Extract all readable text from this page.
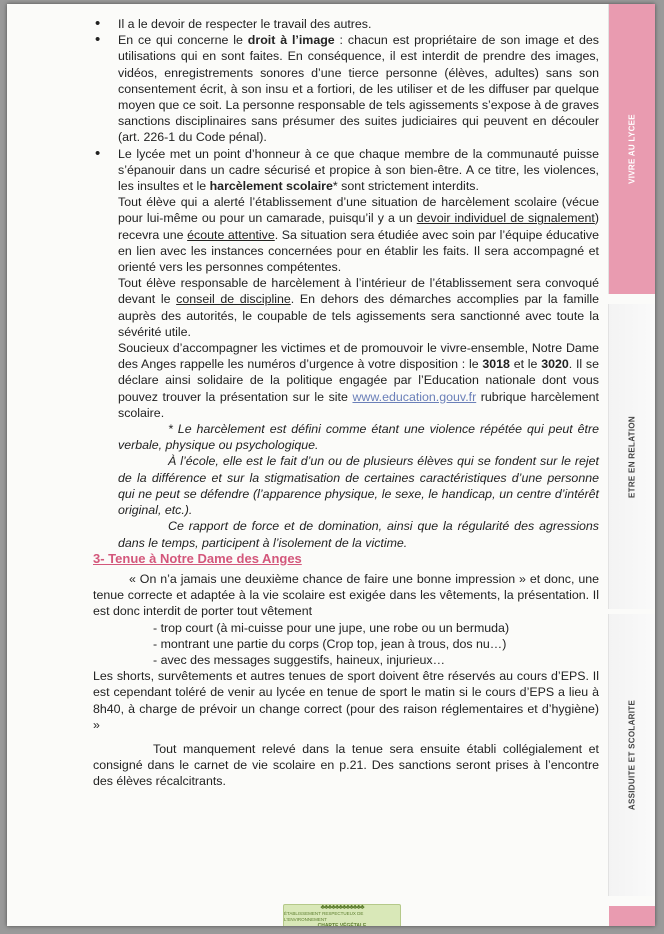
VIVRE AU LYCEE
ETRE EN RELATION
ASSIDUITE ET SCOLARITE

• Il a le devoir de respecter le travail des autres.

• En ce qui concerne le droit à l’image : chacun est propriétaire de son image et des utilisations qui en sont faites. En conséquence, il est interdit de prendre des images, vidéos, enregistrements sonores d’une tierce personne (élèves, adultes) sans son consentement écrit, à son insu et a fortiori, de les utiliser et de les diffuser par quelque moyen que ce soit. La personne responsable de tels agissements s’expose à de graves sanctions disciplinaires sans présumer des suites judiciaires qui peuvent en découler (art. 226-1 du Code pénal).

• Le lycée met un point d’honneur à ce que chaque membre de la communauté puisse s’épanouir dans un cadre sécurisé et propice à son bien-être. A ce titre, les violences, les insultes et le harcèlement scolaire* sont strictement interdits.

Tout élève qui a alerté l’établissement d’une situation de harcèlement scolaire (vécue pour lui-même ou pour un camarade, puisqu’il y a un devoir individuel de signalement) recevra une écoute attentive. Sa situation sera étudiée avec soin par l’équipe éducative en lien avec les instances concernées pour en établir les faits. Il sera accompagné et orienté vers les personnes compétentes.

Tout élève responsable de harcèlement à l’intérieur de l’établissement sera convoqué devant le conseil de discipline. En dehors des démarches accomplies par la famille auprès des autorités, le coupable de tels agissements sera sanctionné avec toute la sévérité utile.

Soucieux d’accompagner les victimes et de promouvoir le vivre-ensemble, Notre Dame des Anges rappelle les numéros d’urgence à votre disposition : le 3018 et le 3020. Il se déclare ainsi solidaire de la politique engagée par l’Education nationale dont vous pouvez trouver la présentation sur le site www.education.gouv.fr rubrique harcèlement scolaire.

* Le harcèlement est défini comme étant une violence répétée qui peut être verbale, physique ou psychologique.

À l’école, elle est le fait d’un ou de plusieurs élèves qui se fondent sur le rejet de la différence et sur la stigmatisation de certaines caractéristiques d’une personne qui ne peut se défendre (l’apparence physique, le sexe, le handicap, un centre d’intérêt original, etc.).

Ce rapport de force et de domination, ainsi que la régularité des agressions dans le temps, participent à l’isolement de la victime.

3- Tenue à Notre Dame des Anges

« On n’a jamais une deuxième chance de faire une bonne impression » et donc, une tenue correcte et adaptée à la vie scolaire est exigée dans les vêtements, la présentation. Il est donc interdit de porter tout vêtement

- trop court (à mi-cuisse pour une jupe, une robe ou un bermuda)

- montrant une partie du corps (Crop top, jean à trous, dos nu…)

- avec des messages suggestifs, haineux, injurieux…

Les shorts, survêtements et autres tenues de sport doivent être réservés au cours d’EPS. Il est cependant toléré de venir au lycée en tenue de sport le matin si le cours d’EPS a lieu à 8h40, à charge de prévoir un change correct (pour des raison réglementaires et d’hygiène) »

Tout manquement relevé dans la tenue sera ensuite établi collégialement et consigné dans le carnet de vie scolaire en p.21. Des sanctions seront prises à l’encontre des élèves récalcitrants.

♣♣♣♣♣♣♣♣♣♣♣♣
ÉTABLISSEMENT RESPECTUEUX DE L'ENVIRONNEMENT
CHARTE VÉGÉTALE
